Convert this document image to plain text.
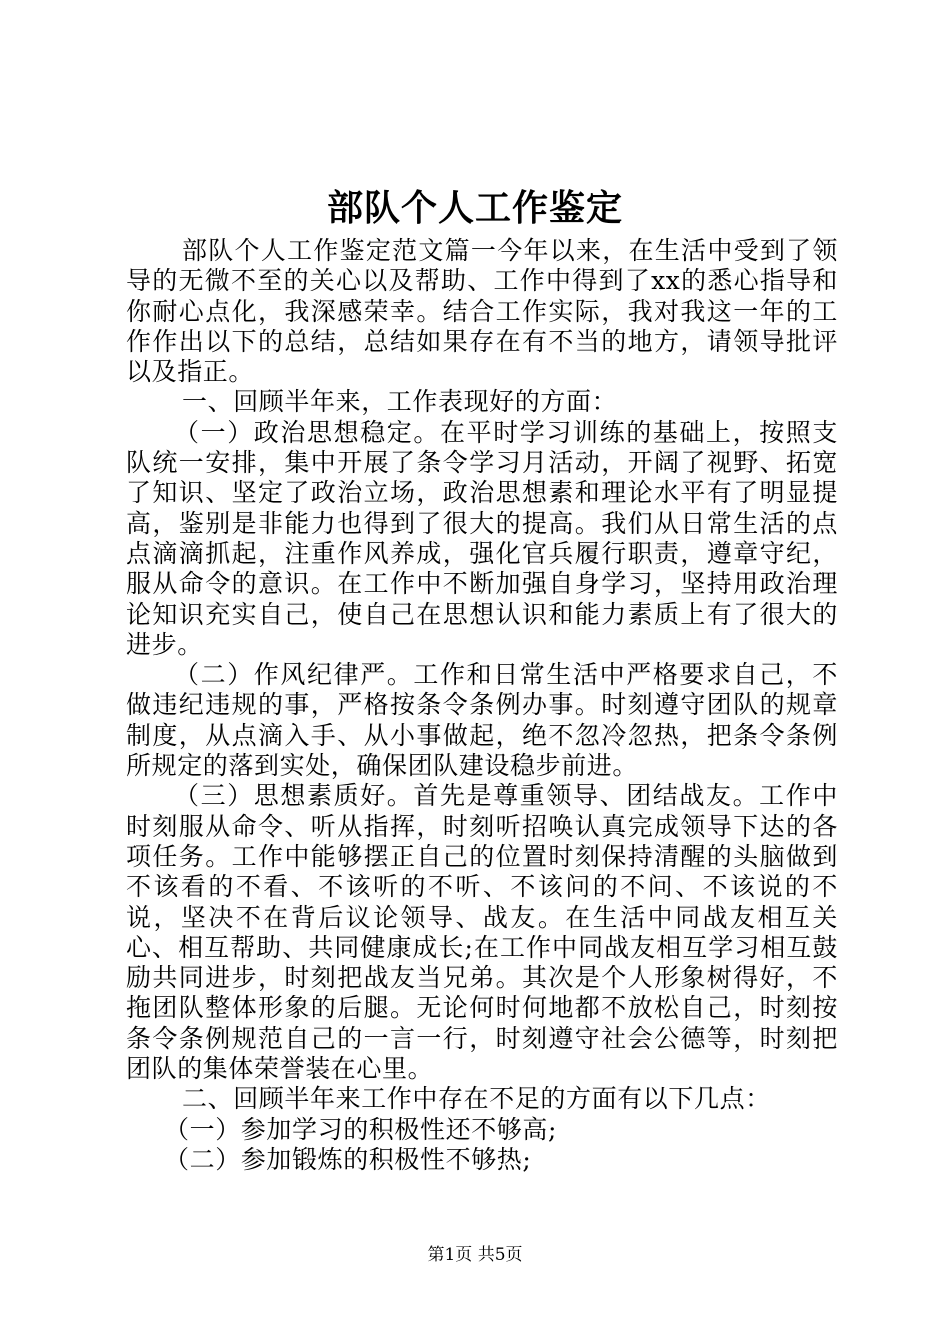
部队个人工作鉴定

部队个人工作鉴定范文篇一今年以来，在生活中受到了领导的无微不至的关心以及帮助、工作中得到了xx的悉心指导和你耐心点化，我深感荣幸。结合工作实际，我对我这一年的工作作出以下的总结，总结如果存在有不当的地方，请领导批评以及指正。

一、回顾半年来，工作表现好的方面：

（一）政治思想稳定。在平时学习训练的基础上，按照支队统一安排，集中开展了条令学习月活动，开阔了视野、拓宽了知识、坚定了政治立场，政治思想素和理论水平有了明显提高，鉴别是非能力也得到了很大的提高。我们从日常生活的点点滴滴抓起，注重作风养成，强化官兵履行职责，遵章守纪，服从命令的意识。在工作中不断加强自身学习，坚持用政治理论知识充实自己，使自己在思想认识和能力素质上有了很大的进步。

（二）作风纪律严。工作和日常生活中严格要求自己，不做违纪违规的事，严格按条令条例办事。时刻遵守团队的规章制度，从点滴入手、从小事做起，绝不忽冷忽热，把条令条例所规定的落到实处，确保团队建设稳步前进。

（三）思想素质好。首先是尊重领导、团结战友。工作中时刻服从命令、听从指挥，时刻听招唤认真完成领导下达的各项任务。工作中能够摆正自己的位置时刻保持清醒的头脑做到不该看的不看、不该听的不听、不该问的不问、不该说的不说，坚决不在背后议论领导、战友。在生活中同战友相互关心、相互帮助、共同健康成长;在工作中同战友相互学习相互鼓励共同进步，时刻把战友当兄弟。其次是个人形象树得好，不拖团队整体形象的后腿。无论何时何地都不放松自己，时刻按条令条例规范自己的一言一行，时刻遵守社会公德等，时刻把团队的集体荣誉装在心里。

二、回顾半年来工作中存在不足的方面有以下几点：

（一）参加学习的积极性还不够高;

（二）参加锻炼的积极性不够热;

第1页 共5页
